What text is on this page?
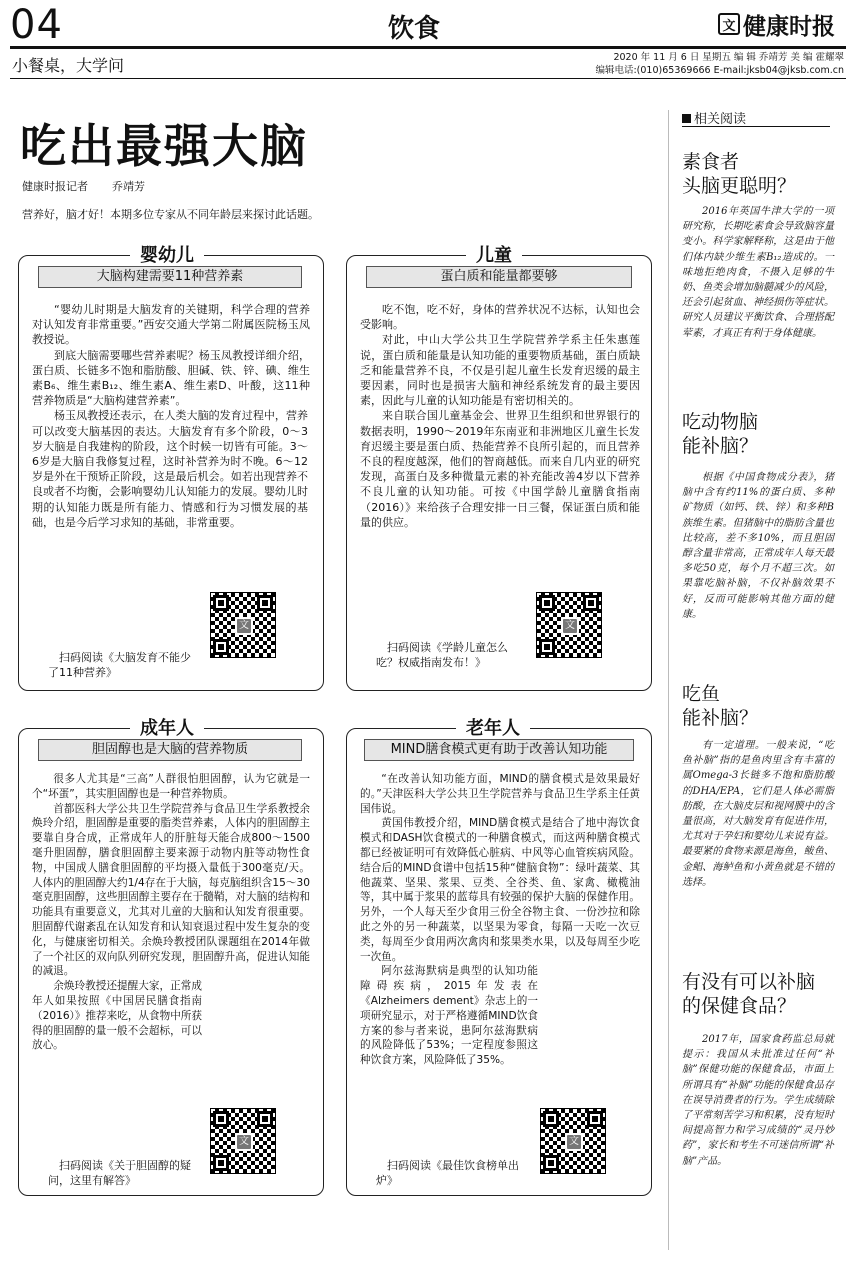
04	饮食	文 健康时报
小餐桌，大学问	2020 年 11 月 6 日 星期五 编 辑 乔靖芳 美 编 霍耀翠
编辑电话:(010)65369666 E-mail:jksb04@jksb.com.cn
吃出最强大脑
健康时报记者 乔靖芳
营养好，脑才好！本期多位专家从不同年龄层来探讨此话题。
婴幼儿
大脑构建需要11种营养素

“婴幼儿时期是大脑发育的关键期，科学合理的营养对认知发育非常重要。”西安交通大学第二附属医院杨玉凤教授说。

到底大脑需要哪些营养素呢？杨玉凤教授详细介绍，蛋白质、长链多不饱和脂肪酸、胆碱、铁、锌、碘、维生素B₆、维生素B₁₂、维生素A、维生素D、叶酸，这11种营养物质是“大脑构建营养素”。

杨玉凤教授还表示，在人类大脑的发育过程中，营养可以改变大脑基因的表达。大脑发育有多个阶段，0～3岁大脑是自我建构的阶段，这个时候一切皆有可能。3～6岁是大脑自我修复过程，这时补营养为时不晚。6～12岁是外在干预矫正阶段，这是最后机会。如若出现营养不良或者不均衡，会影响婴幼儿认知能力的发展。婴幼儿时期的认知能力既是所有能力、情感和行为习惯发展的基础，也是今后学习求知的基础，非常重要。

文
扫码阅读《大脑发育不能少了11种营养》
儿童
蛋白质和能量都要够

吃不饱，吃不好，身体的营养状况不达标，认知也会受影响。

对此，中山大学公共卫生学院营养学系主任朱惠莲说，蛋白质和能量是认知功能的重要物质基础，蛋白质缺乏和能量营养不良，不仅是引起儿童生长发育迟缓的最主要因素，同时也是损害大脑和神经系统发育的最主要因素，因此与儿童的认知功能是有密切相关的。

来自联合国儿童基金会、世界卫生组织和世界银行的数据表明，1990～2019年东南亚和非洲地区儿童生长发育迟缓主要是蛋白质、热能营养不良所引起的，而且营养不良的程度越深，他们的智商越低。而来自几内亚的研究发现，高蛋白及多种微量元素的补充能改善4岁以下营养不良儿童的认知功能。可按《中国学龄儿童膳食指南（2016）》来给孩子合理安排一日三餐，保证蛋白质和能量的供应。

文
扫码阅读《学龄儿童怎么吃？权威指南发布！》
成年人
胆固醇也是大脑的营养物质

很多人尤其是“三高”人群很怕胆固醇，认为它就是一个“坏蛋”，其实胆固醇也是一种营养物质。

首都医科大学公共卫生学院营养与食品卫生学系教授余焕玲介绍，胆固醇是重要的脂类营养素，人体内的胆固醇主要靠自身合成，正常成年人的肝脏每天能合成800～1500毫升胆固醇，膳食胆固醇主要来源于动物内脏等动物性食物，中国成人膳食胆固醇的平均摄入量低于300毫克/天。人体内的胆固醇大约1/4存在于大脑，每克脑组织含15～30毫克胆固醇，这些胆固醇主要存在于髓鞘，对大脑的结构和功能具有重要意义，尤其对儿童的大脑和认知发育很重要。胆固醇代谢紊乱在认知发育和认知衰退过程中发生复杂的变化，与健康密切相关。余焕玲教授团队课题组在2014年做了一个社区的双向队列研究发现，胆固醇升高，促进认知能的减退。

余焕玲教授还提醒大家，正常成年人如果按照《中国居民膳食指南（2016）》推荐来吃，从食物中所获得的胆固醇的量一般不会超标，可以放心。

文
扫码阅读《关于胆固醇的疑问，这里有解答》
老年人
MIND膳食模式更有助于改善认知功能

“在改善认知功能方面，MIND的膳食模式是效果最好的。”天津医科大学公共卫生学院营养与食品卫生学系主任黄国伟说。

黄国伟教授介绍，MIND膳食模式是结合了地中海饮食模式和DASH饮食模式的一种膳食模式，而这两种膳食模式都已经被证明可有效降低心脏病、中风等心血管疾病风险。结合后的MIND食谱中包括15种“健脑食物”：绿叶蔬菜、其他蔬菜、坚果、浆果、豆类、全谷类、鱼、家禽、橄榄油等，其中属于浆果的蓝莓具有较强的保护大脑的保健作用。另外，一个人每天至少食用三份全谷物主食、一份沙拉和除此之外的另一种蔬菜，以坚果为零食，每隔一天吃一次豆类，每周至少食用两次禽肉和浆果类水果，以及每周至少吃一次鱼。

阿尔兹海默病是典型的认知功能障碍疾病，2015年发表在《Alzheimers dement》杂志上的一项研究显示，对于严格遵循MIND饮食方案的参与者来说，患阿尔兹海默病的风险降低了53%；一定程度参照这种饮食方案，风险降低了35%。

文
扫码阅读《最佳饮食榜单出炉》
相关阅读
素食者
头脑更聪明？

2016年英国牛津大学的一项研究称，长期吃素食会导致脑容量变小。科学家解释称，这是由于他们体内缺少维生素B₁₂造成的。一味地拒绝肉食，不摄入足够的牛奶、鱼类会增加脑髓减少的风险，还会引起贫血、神经损伤等症状。研究人员建议平衡饮食、合理搭配荤素，才真正有利于身体健康。

吃动物脑
能补脑？

根据《中国食物成分表》，猪脑中含有约11%的蛋白质、多种矿物质（如钙、铁、锌）和多种B族维生素。但猪脑中的脂肪含量也比较高，差不多10%，而且胆固醇含量非常高，正常成年人每天最多吃50克，每个月不超三次。如果靠吃脑补脑，不仅补脑效果不好，反而可能影响其他方面的健康。

吃鱼
能补脑？

有一定道理。一般来说，“吃鱼补脑”指的是鱼肉里含有丰富的属Omega-3长链多不饱和脂肪酸的DHA/EPA，它们是人体必需脂肪酸，在大脑皮层和视网膜中的含量很高，对大脑发育有促进作用，尤其对于孕妇和婴幼儿来说有益。最要紧的食物来源是海鱼，鲅鱼、金鲳、海鲈鱼和小黄鱼就是不错的选择。

有没有可以补脑
的保健食品？

2017年，国家食药监总局就提示：我国从未批准过任何“补脑”保健功能的保健食品，市面上所谓具有“补脑”功能的保健食品存在误导消费者的行为。学生成绩除了平常刻苦学习和积累，没有短时间提高智力和学习成绩的“灵丹妙药”，家长和考生不可迷信所谓“补脑”产品。
